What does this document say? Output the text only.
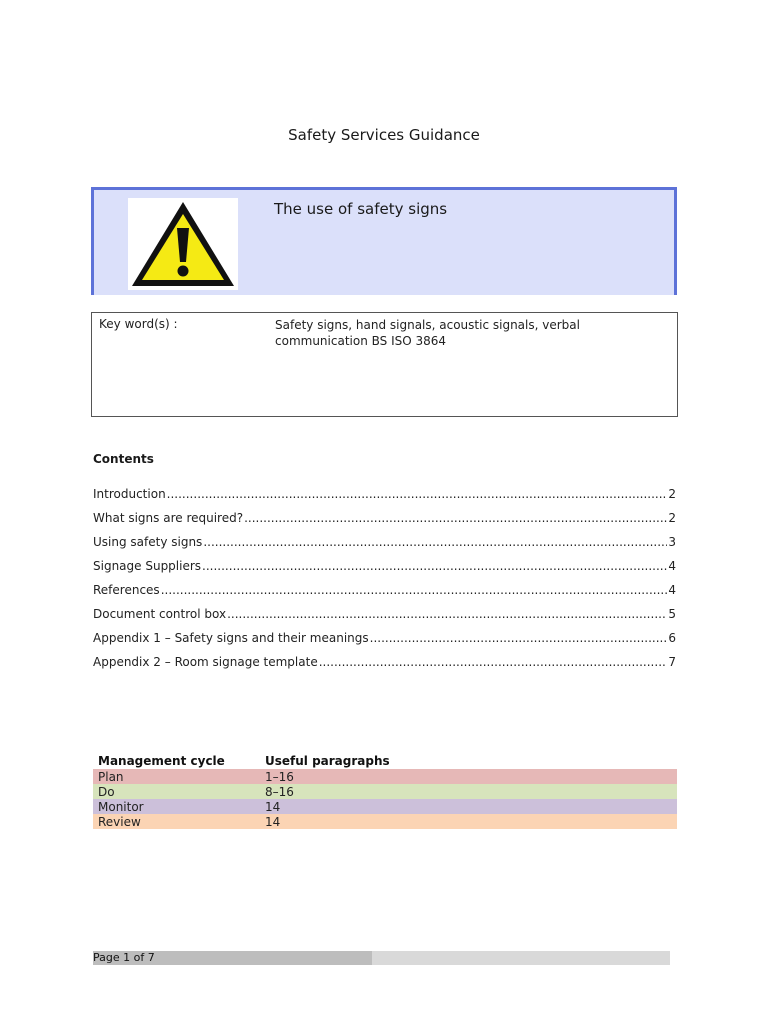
Safety Services Guidance
The use of safety signs
Key word(s) :	Safety signs, hand signals, acoustic signals, verbal communication BS ISO 3864
Contents
Introduction .....	2
What signs are required? .....	2
Using safety signs .....	3
Signage Suppliers .....	4
References .....	4
Document control box .....	5
Appendix 1 – Safety signs and their meanings .....	6
Appendix 2 – Room signage template .....	7
Management cycle	Useful paragraphs
Plan	1–16
Do	8–16
Monitor	14
Review	14
Page 1 of 7
